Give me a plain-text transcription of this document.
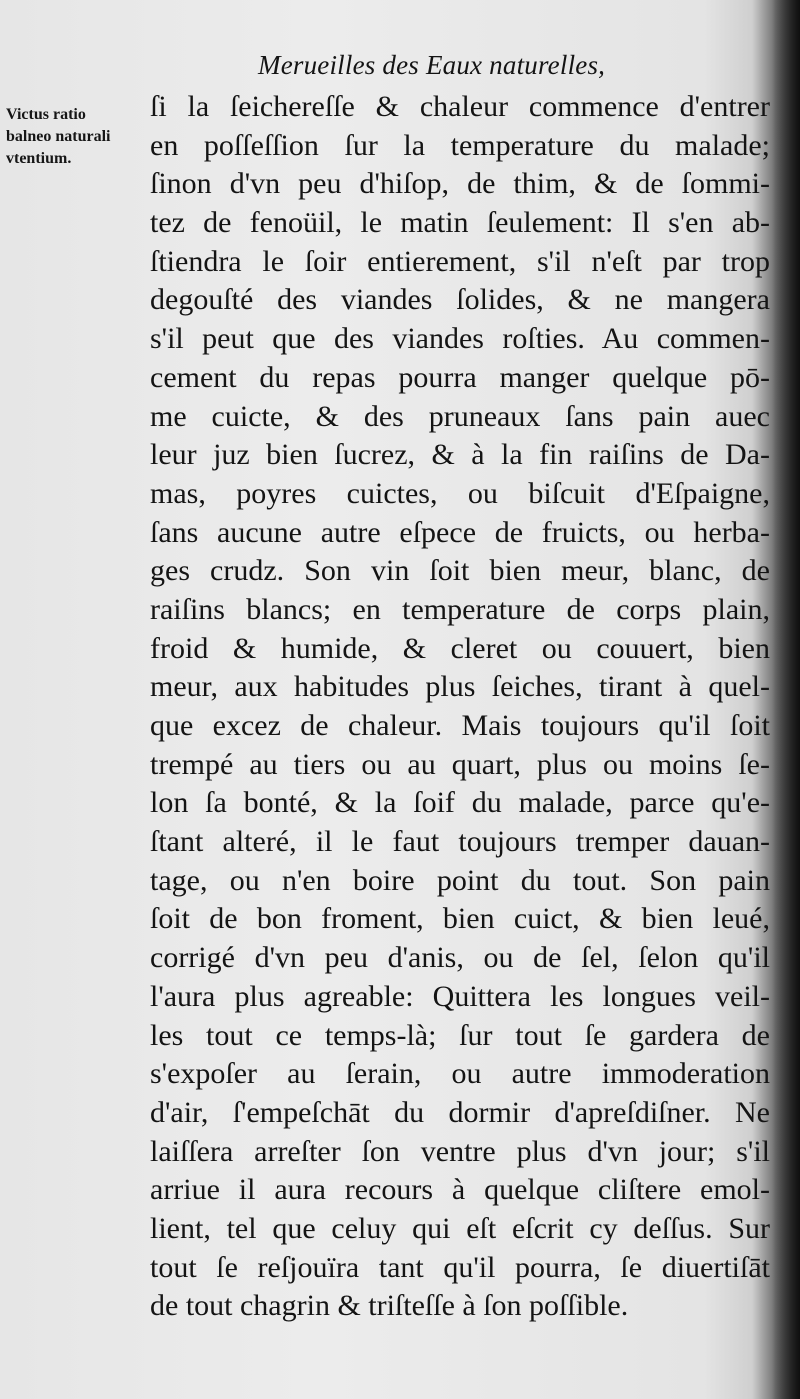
Merueilles des Eaux naturelles,
Victus ratio
balneo naturali
vtentium.
ſi la ſeichereſſe & chaleur commence d'entrer
en poſſeſſion ſur la temperature du malade;
ſinon d'vn peu d'hiſop, de thim, & de ſommi-
tez de fenoüil, le matin ſeulement: Il s'en ab-
ſtiendra le ſoir entierement, s'il n'eſt par trop
degouſté des viandes ſolides, & ne mangera
s'il peut que des viandes roſties. Au commen-
cement du repas pourra manger quelque pō-
me cuicte, & des pruneaux ſans pain auec
leur juz bien ſucrez, & à la fin raiſins de Da-
mas, poyres cuictes, ou biſcuit d'Eſpaigne,
ſans aucune autre eſpece de fruicts, ou herba-
ges crudz. Son vin ſoit bien meur, blanc, de
raiſins blancs; en temperature de corps plain,
froid & humide, & cleret ou couuert, bien
meur, aux habitudes plus ſeiches, tirant à quel-
que excez de chaleur. Mais toujours qu'il ſoit
trempé au tiers ou au quart, plus ou moins ſe-
lon ſa bonté, & la ſoif du malade, parce qu'e-
ſtant alteré, il le faut toujours tremper dauan-
tage, ou n'en boire point du tout. Son pain
ſoit de bon froment, bien cuict, & bien leué,
corrigé d'vn peu d'anis, ou de ſel, ſelon qu'il
l'aura plus agreable: Quittera les longues veil-
les tout ce temps-là; ſur tout ſe gardera de
s'expoſer au ſerain, ou autre immoderation
d'air, ſ'empeſchāt du dormir d'apreſdiſner. Ne
laiſſera arreſter ſon ventre plus d'vn jour; s'il
arriue il aura recours à quelque cliſtere emol-
lient, tel que celuy qui eſt eſcrit cy deſſus. Sur
tout ſe reſjouïra tant qu'il pourra, ſe diuertiſāt
de tout chagrin & triſteſſe à ſon poſſible.
